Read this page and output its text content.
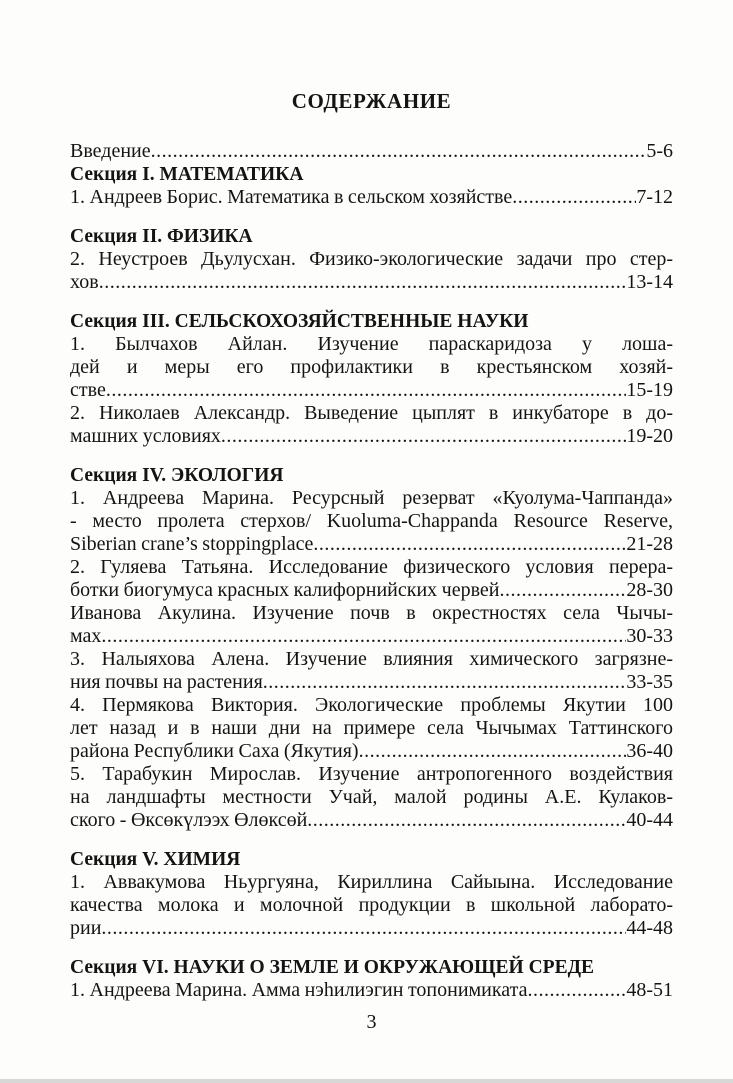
СОДЕРЖАНИЕ
Введение .....	5-6
Секция I. МАТЕМАТИКА
1. Андреев Борис. Математика в сельском хозяйстве .....	7-12
Секция II. ФИЗИКА
2. Неустроев Дьулусхан. Физико-экологические задачи про стер-
хов .....	13-14
Секция III. СЕЛЬСКОХОЗЯЙСТВЕННЫЕ НАУКИ
1. Былчахов Айлан. Изучение параскаридоза у лоша-
дей и меры его профилактики в крестьянском хозяй-
стве .....	15-19
2. Николаев Александр. Выведение цыплят в инкубаторе в до-
машних условиях .....	19-20
Секция IV. ЭКОЛОГИЯ
1. Андреева Марина. Ресурсный резерват «Куолума-Чаппанда»
- место пролета стерхов/ Kuoluma-Chappanda Resource Reserve,
Siberian crane’s stoppingplace .....	21-28
2. Гуляева Татьяна. Исследование физического условия перера-
ботки биогумуса красных калифорнийских червей .....	28-30
Иванова Акулина. Изучение почв в окрестностях села Чычы-
мах .....	30-33
3. Налыяхова Алена. Изучение влияния химического загрязне-
ния почвы на растения .....	33-35
4. Пермякова Виктория. Экологические проблемы Якутии 100
лет назад и в наши дни на примере села Чычымах Таттинского
района Республики Саха (Якутия) .....	36-40
5. Тарабукин Мирослав. Изучение антропогенного воздействия
на ландшафты местности Учай, малой родины А.Е. Кулаков-
ского - Өксөкүлээх Өлөксөй .....	40-44
Секция V. ХИМИЯ
1. Аввакумова Ньургуяна, Кириллина Сайыына. Исследование
качества молока и молочной продукции в школьной лаборато-
рии .....	44-48
Секция VI. НАУКИ О ЗЕМЛЕ И ОКРУЖАЮЩЕЙ СРЕДЕ
1. Андреева Марина. Амма нэһилиэгин топонимиката .....	48-51
3
